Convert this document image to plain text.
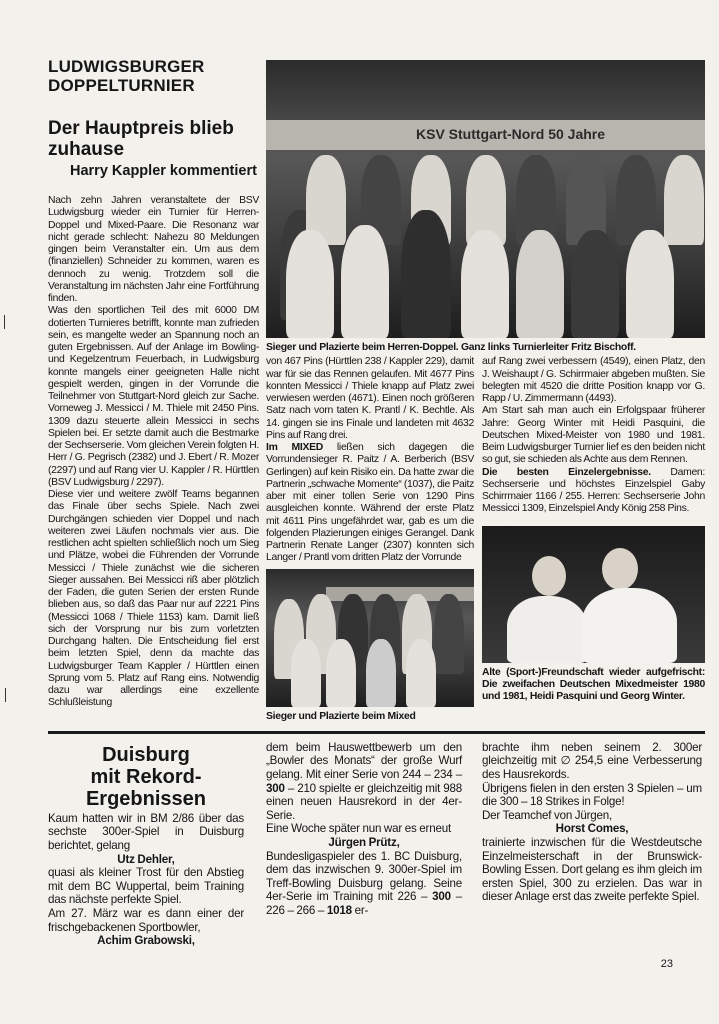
LUDWIGSBURGER DOPPELTURNIER
Der Hauptpreis blieb zuhause
Harry Kappler kommentiert

Nach zehn Jahren veranstaltete der BSV Ludwigsburg wieder ein Turnier für Herren-Doppel und Mixed-Paare. Die Resonanz war nicht gerade schlecht: Nahezu 80 Meldungen gingen beim Veranstalter ein. Um aus dem (finanziellen) Schneider zu kommen, waren es dennoch zu wenig. Trotzdem soll die Veranstaltung im nächsten Jahr eine Fortführung finden.

Was den sportlichen Teil des mit 6000 DM dotierten Turnieres betrifft, konnte man zufrieden sein, es mangelte weder an Spannung noch an guten Ergebnissen. Auf der Anlage im Bowling- und Kegelzentrum Feuerbach, in Ludwigsburg konnte mangels einer geeigneten Halle nicht gespielt werden, gingen in der Vorrunde die Teilnehmer von Stuttgart-Nord gleich zur Sache. Vorneweg J. Messicci / M. Thiele mit 2450 Pins. 1309 dazu steuerte allein Messicci in sechs Spielen bei. Er setzte damit auch die Bestmarke der Sechserserie. Vom gleichen Verein folgten H. Herr / G. Pegrisch (2382) und J. Ebert / R. Mozer (2297) und auf Rang vier U. Kappler / R. Hürttlen (BSV Ludwigsburg / 2297).

Diese vier und weitere zwölf Teams begannen das Finale über sechs Spiele. Nach zwei Durchgängen schieden vier Doppel und nach weiteren zwei Läufen nochmals vier aus. Die restlichen acht spielten schließlich noch um Sieg und Plätze, wobei die Führenden der Vorrunde Messicci / Thiele zunächst wie die sicheren Sieger aussahen. Bei Messicci riß aber plötzlich der Faden, die guten Serien der ersten Runde blieben aus, so daß das Paar nur auf 2221 Pins (Messicci 1068 / Thiele 1153) kam. Damit ließ sich der Vorsprung nur bis zum vorletzten Durchgang halten. Die Entscheidung fiel erst beim letzten Spiel, denn da machte das Ludwigsburger Team Kappler / Hürttlen einen Sprung vom 5. Platz auf Rang eins. Notwendig dazu war allerdings eine exzellente Schlußleistung

KSV Stuttgart-Nord 50 Jahre
Sieger und Plazierte beim Herren-Doppel. Ganz links Turnierleiter Fritz Bischoff.

von 467 Pins (Hürttlen 238 / Kappler 229), damit war für sie das Rennen gelaufen. Mit 4677 Pins konnten Messicci / Thiele knapp auf Platz zwei verwiesen werden (4671). Einen noch größeren Satz nach vorn taten K. Prantl / K. Bechtle. Als 14. gingen sie ins Finale und landeten mit 4632 Pins auf Rang drei.

Im MIXED ließen sich dagegen die Vorrundensieger R. Paitz / A. Berberich (BSV Gerlingen) auf kein Risiko ein. Da hatte zwar die Partnerin „schwache Momente“ (1037), die Paitz aber mit einer tollen Serie von 1290 Pins ausgleichen konnte. Während der erste Platz mit 4611 Pins ungefährdet war, gab es um die folgenden Plazierungen einiges Gerangel. Dank Partnerin Renate Langer (2307) konnten sich Langer / Prantl vom dritten Platz der Vorrunde

Sieger und Plazierte beim Mixed

auf Rang zwei verbessern (4549), einen Platz, den J. Weishaupt / G. Schirrmaier abgeben mußten. Sie belegten mit 4520 die dritte Position knapp vor G. Rapp / U. Zimmermann (4493).

Am Start sah man auch ein Erfolgspaar früherer Jahre: Georg Winter mit Heidi Pasquini, die Deutschen Mixed-Meister von 1980 und 1981. Beim Ludwigsburger Turnier lief es den beiden nicht so gut, sie schieden als Achte aus dem Rennen.

Die besten Einzelergebnisse. Damen: Sechserserie und höchstes Einzelspiel Gaby Schirrmaier 1166 / 255. Herren: Sechserserie John Messicci 1309, Einzelspiel Andy König 258 Pins.

Alte (Sport-)Freundschaft wieder aufgefrischt: Die zweifachen Deutschen Mixedmeister 1980 und 1981, Heidi Pasquini und Georg Winter.
Duisburg
mit Rekord-Ergebnissen

Kaum hatten wir in BM 2/86 über das sechste 300er-Spiel in Duisburg berichtet, gelang

Utz Dehler,

quasi als kleiner Trost für den Abstieg mit dem BC Wuppertal, beim Training das nächste perfekte Spiel.

Am 27. März war es dann einer der frischgebackenen Sportbowler,

Achim Grabowski,

dem beim Hauswettbewerb um den „Bowler des Monats“ der große Wurf gelang. Mit einer Serie von 244 – 234 – 300 – 210 spielte er gleichzeitig mit 988 einen neuen Hausrekord in der 4er-Serie.

Eine Woche später nun war es erneut

Jürgen Prütz,

Bundesligaspieler des 1. BC Duisburg, dem das inzwischen 9. 300er-Spiel im Treff-Bowling Duisburg gelang. Seine 4er-Serie im Training mit 226 – 300 – 226 – 266 – 1018 er-

brachte ihm neben seinem 2. 300er gleichzeitig mit ∅ 254,5 eine Verbesserung des Hausrekords.

Übrigens fielen in den ersten 3 Spielen – um die 300 – 18 Strikes in Folge!

Der Teamchef von Jürgen,

Horst Comes,

trainierte inzwischen für die Westdeutsche Einzelmeisterschaft in der Brunswick-Bowling Essen. Dort gelang es ihm gleich im ersten Spiel, 300 zu erzielen. Das war in dieser Anlage erst das zweite perfekte Spiel.

23
